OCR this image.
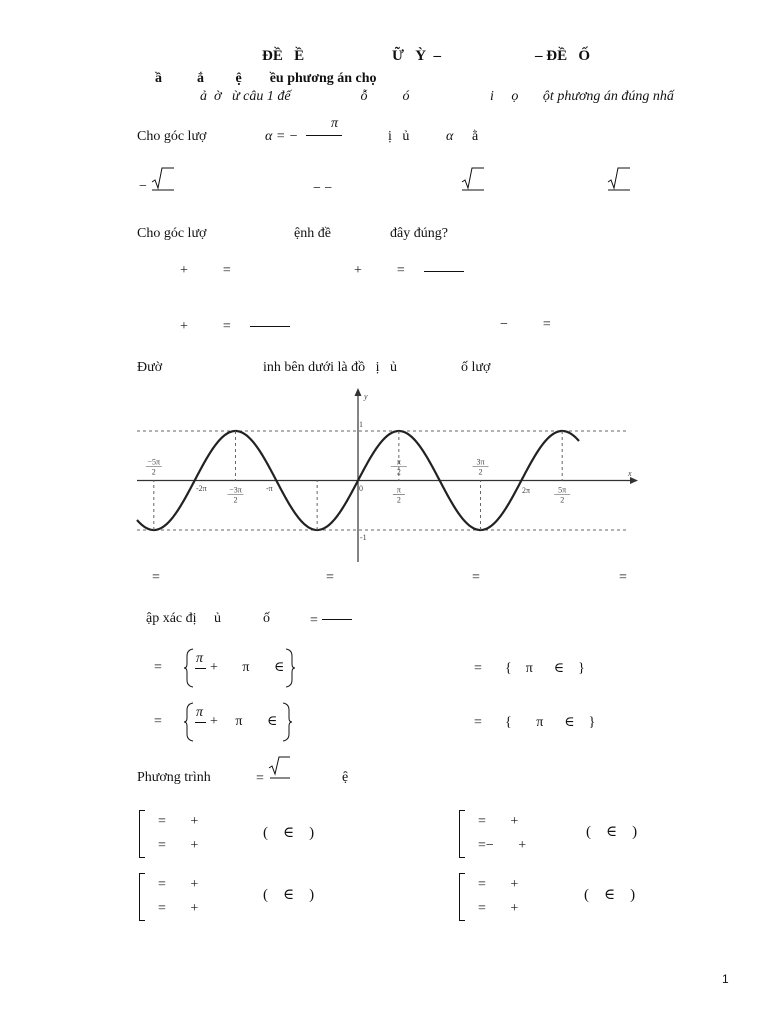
ĐỀ   Ề	Ữ   Ỳ  –	– ĐỀ   Ố
ầ          ắ         ệ        ều phương án chọ
ả  ờ   ừ câu 1 đế                    ỗ          ó                       i     ọ       ột phương án đúng nhấ
Cho góc lượ	α = −
π
ị   ủ	α ằ
−	− −
Cho góc lượ	ệnh đề	đây đúng?
+          =	+          =
+          =	−          =
Đườ	inh bên dưới là đồ   ị   ủ	ố lượ
y
x
1
-1
0
-2π	-π	2π
−5π
2
−3π
2
π
2
3π
2
5π
2
π
2
=	=	=	=
ập xác đị     ủ            ố	=
=
π
+       π       ∈	= {    π      ∈    }
=
π
+     π       ∈	= {       π      ∈    }
Phương trình	=	ệ
=       +
=       +
(    ∈    )
=       +
=−       +
(    ∈    )
=       +
=       +
(    ∈    )
=       +
=       +
(    ∈    )
1
